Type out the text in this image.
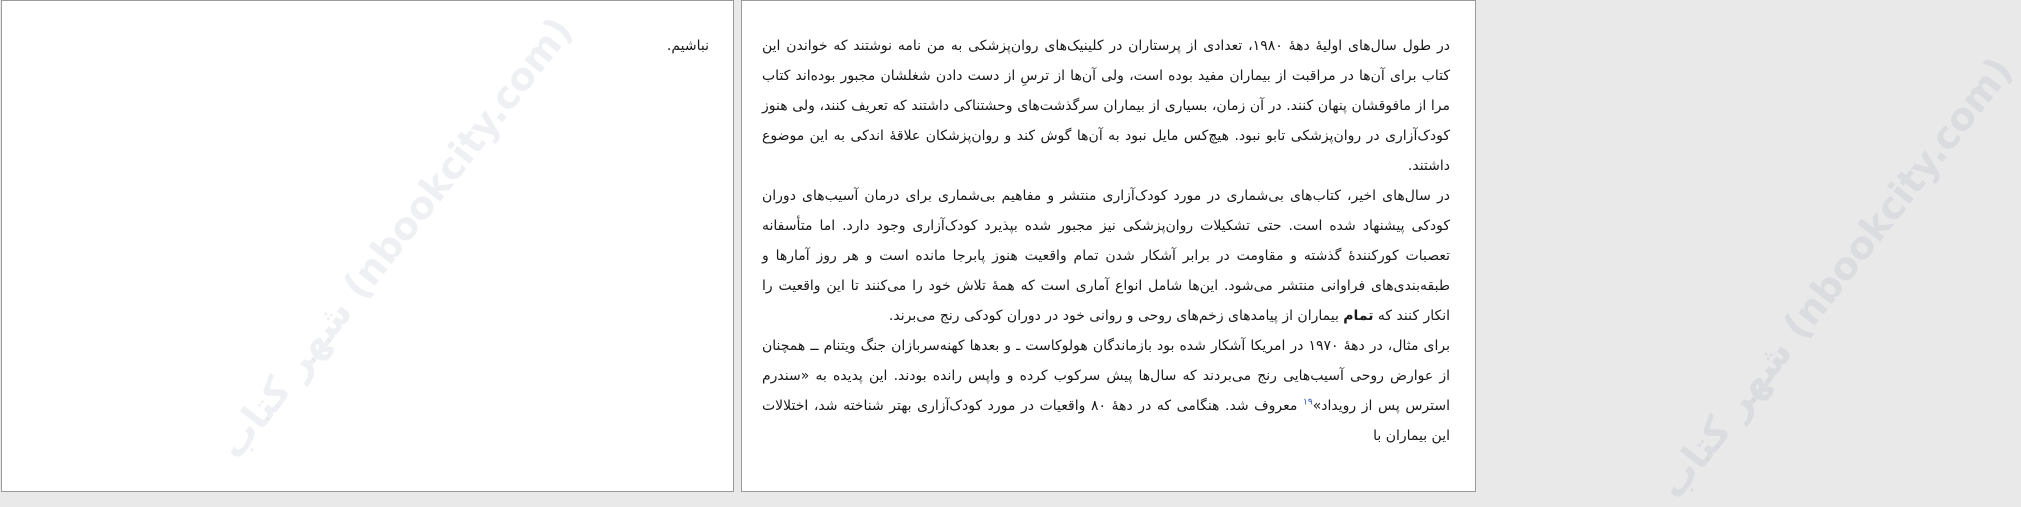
شهر کتاب (nbookcity.com)	نباشیم.

شهر کتاب (nbookcity.com)

در طول سال‌های اولیهٔ دههٔ ۱۹۸۰، تعدادی از پرستاران در کلینیک‌های روان‌پزشکی به من نامه نوشتند که خواندن این کتاب برای آن‌ها در مراقبت از بیماران مفید بوده است، ولی آن‌ها از ترسِ از دست دادن شغلشان مجبور بوده‌اند کتاب مرا از مافوقشان پنهان کنند. در آن زمان، بسیاری از بیماران سرگذشت‌های وحشتناکی داشتند که تعریف کنند، ولی هنوز کودک‌آزاری در روان‌پزشکی تابو نبود. هیچ‌کس مایل نبود به آن‌ها گوش کند و روان‌پزشکان علاقهٔ اندکی به این موضوع داشتند.

در سال‌های اخیر، کتاب‌های بی‌شماری در مورد کودک‌آزاری منتشر و مفاهیم بی‌شماری برای درمان آسیب‌های دوران کودکی پیشنهاد شده است. حتی تشکیلات روان‌پزشکی نیز مجبور شده بپذیرد کودک‌آزاری وجود دارد. اما متأسفانه تعصبات کورکنندهٔ گذشته و مقاومت در برابر آشکار شدن تمام واقعیت هنوز پابرجا مانده است و هر روز آمارها و طبقه‌بندی‌های فراوانی منتشر می‌شود. این‌ها شامل انواع آماری است که همهٔ تلاش خود را می‌کنند تا این واقعیت را انکار کنند که تمام بیماران از پیامدهای زخم‌های روحی و روانی خود در دوران کودکی رنج می‌برند.

برای مثال، در دههٔ ۱۹۷۰ در امریکا آشکار شده بود بازماندگان هولوکاست ـ و بعدها کهنه‌سربازان جنگ ویتنام ــ همچنان از عوارض روحی آسیب‌هایی رنج می‌بردند که سال‌ها پیش سرکوب کرده و واپس رانده بودند. این پدیده به «سندرم استرس پس از رویداد»$^{۱۹}$ معروف شد. هنگامی که در دههٔ ۸۰ واقعیات در مورد کودک‌آزاری بهتر شناخته شد، اختلالات این بیماران با
